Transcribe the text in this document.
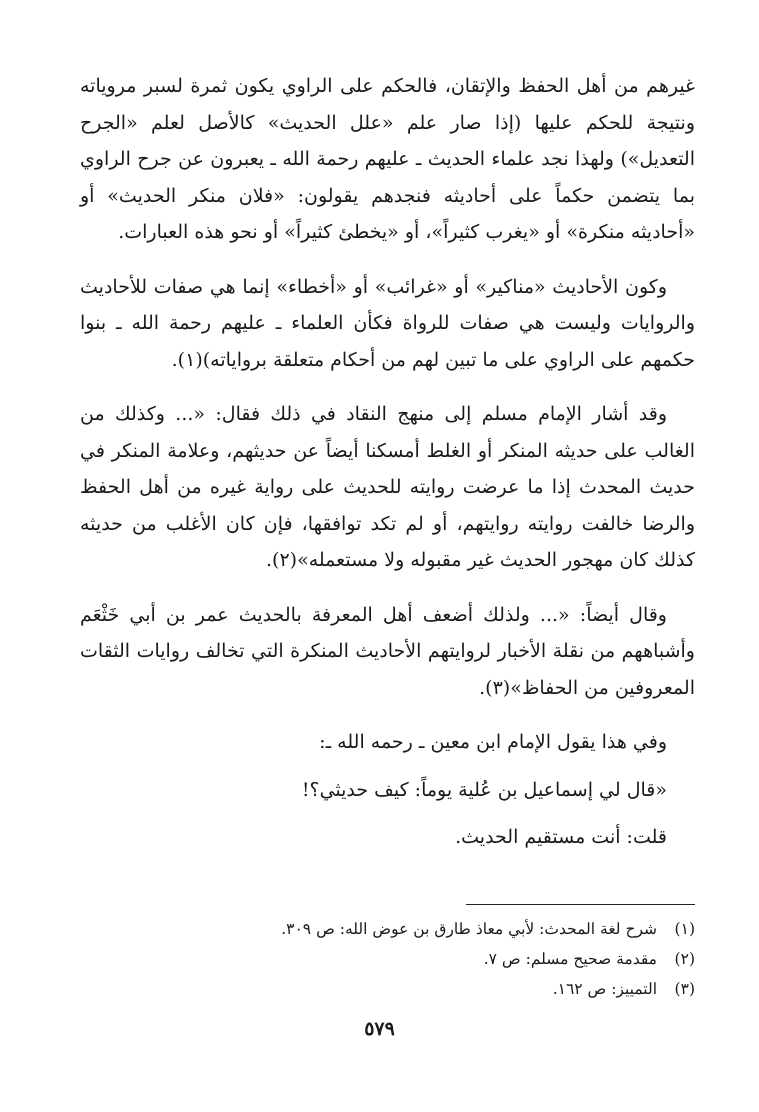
غيرهم من أهل الحفظ والإتقان، فالحكم على الراوي يكون ثمرة لسبر مروياته ونتيجة للحكم عليها (إذا صار علم «علل الحديث» كالأصل لعلم «الجرح التعديل») ولهذا نجد علماء الحديث ـ عليهم رحمة الله ـ يعبرون عن جرح الراوي بما يتضمن حكماً على أحاديثه فنجدهم يقولون: «فلان منكر الحديث» أو «أحاديثه منكرة» أو «يغرب كثيراً»، أو «يخطئ كثيراً» أو نحو هذه العبارات.

وكون الأحاديث «مناكير» أو «غرائب» أو «أخطاء» إنما هي صفات للأحاديث والروايات وليست هي صفات للرواة فكأن العلماء ـ عليهم رحمة الله ـ بنوا حكمهم على الراوي على ما تبين لهم من أحكام متعلقة برواياته)(١).

وقد أشار الإمام مسلم إلى منهج النقاد في ذلك فقال: «... وكذلك من الغالب على حديثه المنكر أو الغلط أمسكنا أيضاً عن حديثهم، وعلامة المنكر في حديث المحدث إذا ما عرضت روايته للحديث على رواية غيره من أهل الحفظ والرضا خالفت روايته روايتهم، أو لم تكد توافقها، فإن كان الأغلب من حديثه كذلك كان مهجور الحديث غير مقبوله ولا مستعمله»(٢).

وقال أيضاً: «... ولذلك أضعف أهل المعرفة بالحديث عمر بن أبي خَثْعَم وأشباههم من نقلة الأخبار لروايتهم الأحاديث المنكرة التي تخالف روايات الثقات المعروفين من الحفاظ»(٣).

وفي هذا يقول الإمام ابن معين ـ رحمه الله ـ:

«قال لي إسماعيل بن عُلية يوماً: كيف حديثي؟!

قلت: أنت مستقيم الحديث.

(١)
شرح لغة المحدث: لأبي معاذ طارق بن عوض الله: ص ٣٠٩.
(٢)
مقدمة صحيح مسلم: ص ٧.
(٣)
التمييز: ص ١٦٢.
٥٧٩
